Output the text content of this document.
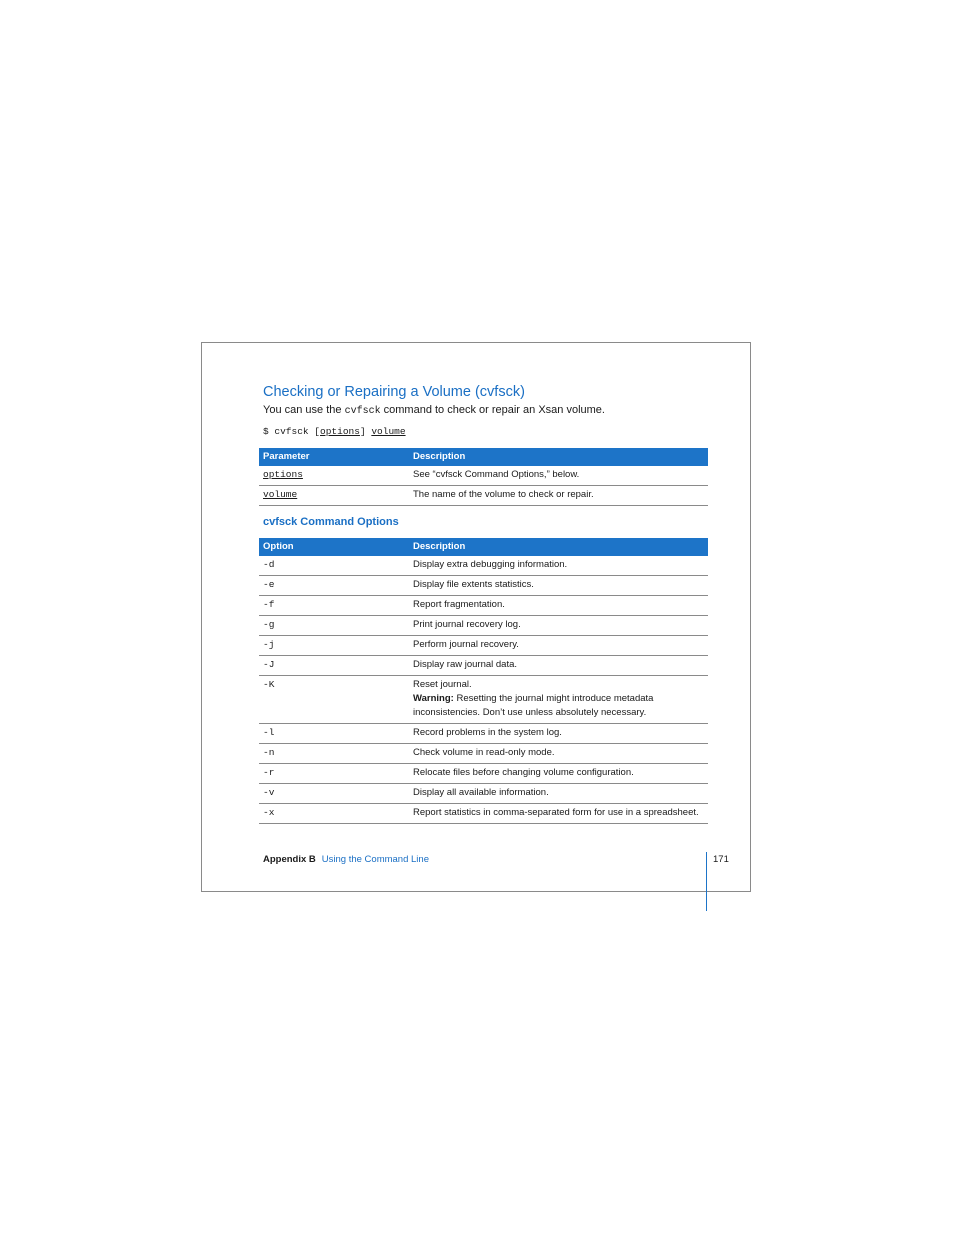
Checking or Repairing a Volume (cvfsck)

You can use the cvfsck command to check or repair an Xsan volume.

$ cvfsck [options] volume

Parameter	Description
options	See “cvfsck Command Options,” below.
volume	The name of the volume to check or repair.
cvfsck Command Options
Option	Description
-d	Display extra debugging information.
-e	Display file extents statistics.
-f	Report fragmentation.
-g	Print journal recovery log.
-j	Perform journal recovery.
-J	Display raw journal data.
-K	Reset journal.
Warning: Resetting the journal might introduce metadata inconsistencies. Don’t use unless absolutely necessary.
-l	Record problems in the system log.
-n	Check volume in read-only mode.
-r	Relocate files before changing volume configuration.
-v	Display all available information.
-x	Report statistics in comma-separated form for use in a spreadsheet.
Appendix B Using the Command Line	171
